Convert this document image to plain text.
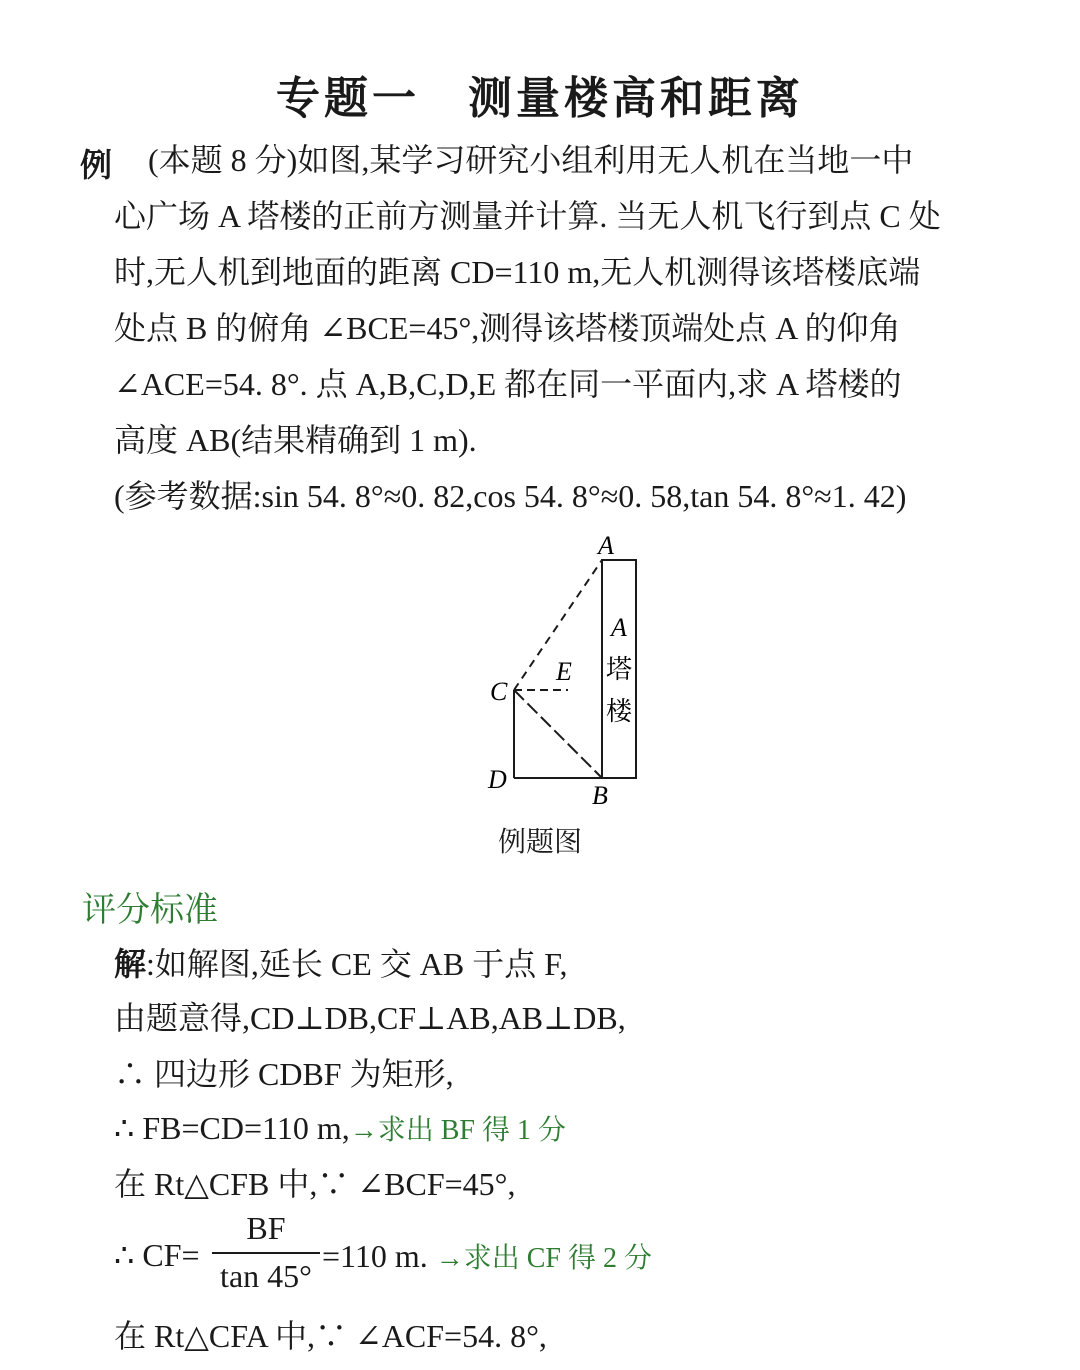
专题一　测量楼高和距离
例 (本题 8 分)如图,某学习研究小组利用无人机在当地一中
心广场 A 塔楼的正前方测量并计算. 当无人机飞行到点 C 处
时,无人机到地面的距离 CD=110 m,无人机测得该塔楼底端
处点 B 的俯角 ∠BCE=45°,测得该塔楼顶端处点 A 的仰角
∠ACE=54. 8°. 点 A,B,C,D,E 都在同一平面内,求 A 塔楼的
高度 AB(结果精确到 1 m).
(参考数据:sin 54. 8°≈0. 82,cos 54. 8°≈0. 58,tan 54. 8°≈1. 42)
A
B
C
D
E
A
塔
楼
例题图
评分标准
解:如解图,延长 CE 交 AB 于点 F,
由题意得,CD⊥DB,CF⊥AB,AB⊥DB,
∴ 四边形 CDBF 为矩形,
∴ FB=CD=110 m,→求出 BF 得 1 分
在 Rt△CFB 中,∵ ∠BCF=45°,
∴ CF=
BF
tan 45°
=110 m. →求出 CF 得 2 分
在 Rt△CFA 中,∵ ∠ACF=54. 8°,
